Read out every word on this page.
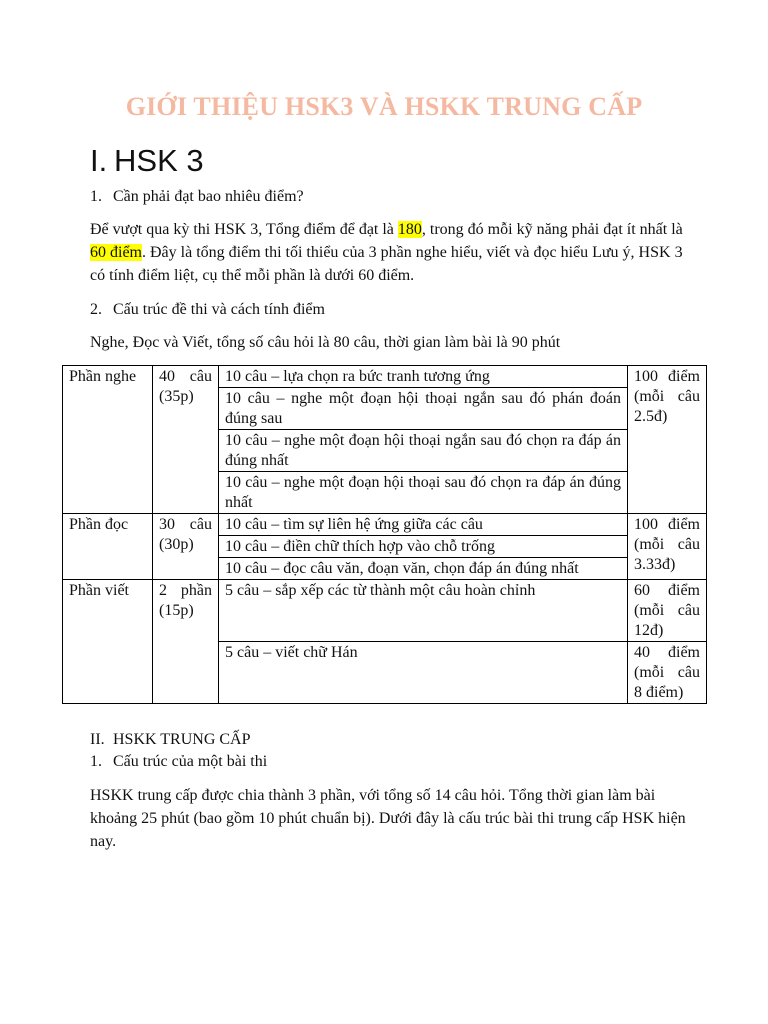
GIỚI THIỆU HSK3 VÀ HSKK TRUNG CẤP
I. HSK 3
1. Cần phải đạt bao nhiêu điểm?
Để vượt qua kỳ thi HSK 3, Tổng điểm để đạt là 180, trong đó mỗi kỹ năng phải đạt ít nhất là 60 điểm. Đây là tổng điểm thi tối thiểu của 3 phần nghe hiểu, viết và đọc hiểu Lưu ý, HSK 3 có tính điểm liệt, cụ thể mỗi phần là dưới 60 điểm.
2. Cấu trúc đề thi và cách tính điểm
Nghe, Đọc và Viết, tổng số câu hỏi là 80 câu, thời gian làm bài là 90 phút
Phần nghe	40 câu (35p)	10 câu – lựa chọn ra bức tranh tương ứng	100 điểm (mỗi câu 2.5đ)
		10 câu – nghe một đoạn hội thoại ngắn sau đó phán đoán đúng sau	
		10 câu – nghe một đoạn hội thoại ngắn sau đó chọn ra đáp án đúng nhất	
		10 câu – nghe một đoạn hội thoại sau đó chọn ra đáp án đúng nhất	
Phần đọc	30 câu (30p)	10 câu – tìm sự liên hệ ứng giữa các câu	100 điểm (mỗi câu 3.33đ)
		10 câu – điền chữ thích hợp vào chỗ trống	
		10 câu – đọc câu văn, đoạn văn, chọn đáp án đúng nhất	
Phần viết	2 phần (15p)	5 câu – sắp xếp các từ thành một câu hoàn chỉnh	60 điểm (mỗi câu 12đ)
		5 câu – viết chữ Hán	40 điểm (mỗi câu 8 điểm)
II. HSKK TRUNG CẤP
1. Cấu trúc của một bài thi
HSKK trung cấp được chia thành 3 phần, với tổng số 14 câu hỏi. Tổng thời gian làm bài khoảng 25 phút (bao gồm 10 phút chuẩn bị). Dưới đây là cấu trúc bài thi trung cấp HSK hiện nay.
